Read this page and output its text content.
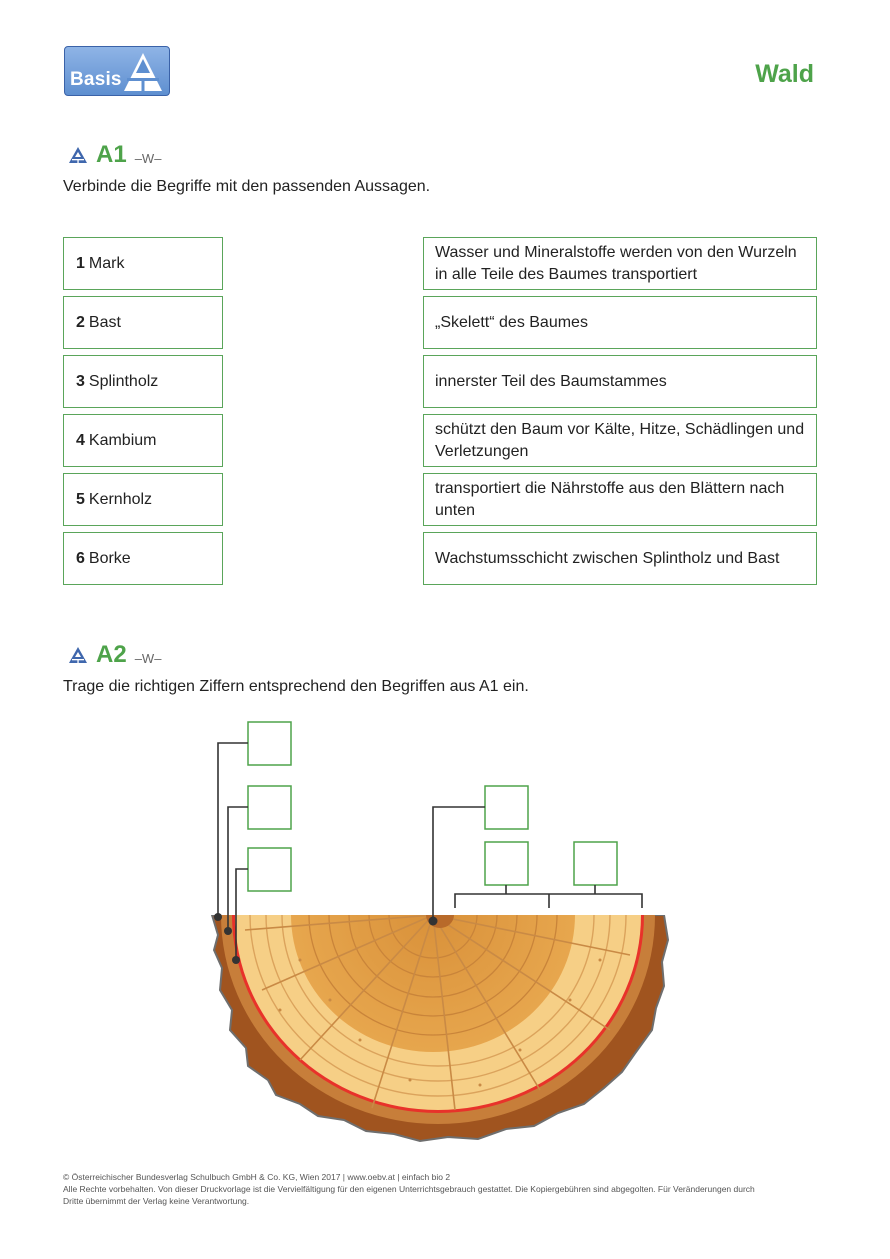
Basis	Wald
A1 –W–
Verbinde die Begriffe mit den passenden Aussagen.
1 Mark
2 Bast
3 Splintholz
4 Kambium
5 Kernholz
6 Borke
Wasser und Mineralstoffe werden von den Wurzeln in alle Teile des Baumes transportiert
„Skelett“ des Baumes
innerster Teil des Baumstammes
schützt den Baum vor Kälte, Hitze, Schädlingen und Verletzungen
transportiert die Nährstoffe aus den Blättern nach unten
Wachstumsschicht zwischen Splintholz und Bast
A2 –W–
Trage die richtigen Ziffern entsprechend den Begriffen aus A1 ein.
© Österreichischer Bundesverlag Schulbuch GmbH & Co. KG, Wien 2017 | www.oebv.at | einfach bio 2
Alle Rechte vorbehalten. Von dieser Druckvorlage ist die Vervielfältigung für den eigenen Unterrichtsgebrauch gestattet. Die Kopiergebühren sind abgegolten. Für Veränderungen durch
Dritte übernimmt der Verlag keine Verantwortung.
